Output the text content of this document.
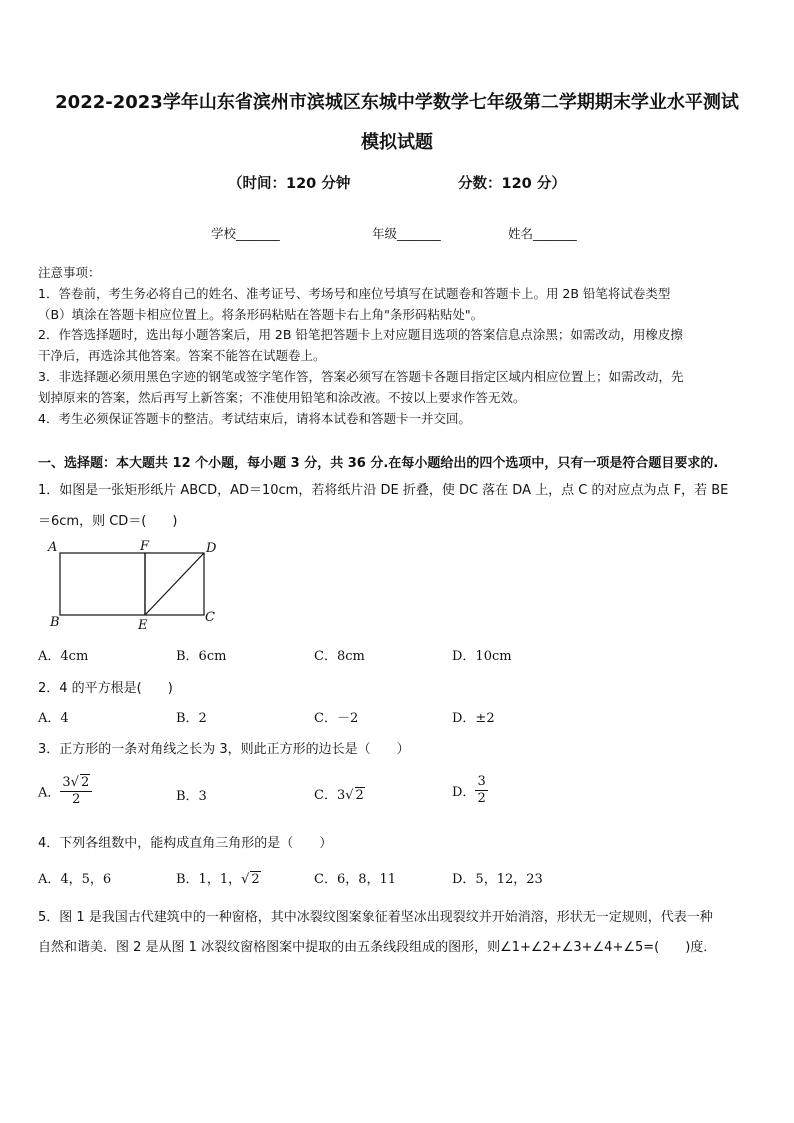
2022-2023学年山东省滨州市滨城区东城中学数学七年级第二学期期末学业水平测试
模拟试题
（时间：120 分钟	分数：120 分）
学校_______	年级_______	姓名_______
注意事项：
1．答卷前，考生务必将自己的姓名、准考证号、考场号和座位号填写在试题卷和答题卡上。用 2B 铅笔将试卷类型
（B）填涂在答题卡相应位置上。将条形码粘贴在答题卡右上角"条形码粘贴处"。
2．作答选择题时，选出每小题答案后，用 2B 铅笔把答题卡上对应题目选项的答案信息点涂黑；如需改动，用橡皮擦
干净后，再选涂其他答案。答案不能答在试题卷上。
3．非选择题必须用黑色字迹的钢笔或签字笔作答，答案必须写在答题卡各题目指定区域内相应位置上；如需改动，先
划掉原来的答案，然后再写上新答案；不准使用铅笔和涂改液。不按以上要求作答无效。
4．考生必须保证答题卡的整洁。考试结束后，请将本试卷和答题卡一并交回。
一、选择题：本大题共 12 个小题，每小题 3 分，共 36 分.在每小题给出的四个选项中，只有一项是符合题目要求的.
1．如图是一张矩形纸片 ABCD，AD＝10cm，若将纸片沿 DE 折叠，使 DC 落在 DA 上，点 C 的对应点为点 F，若 BE
＝6cm，则 CD＝(　　)
A	F	D
B	E
C
A．4cm	B．6cm	C．8cm	D．10cm
2．4 的平方根是(　　)
A．4	B．2	C．－2	D．±2
3．正方形的一条对角线之长为 3，则此正方形的边长是（　　）
A． $\frac{3√ 2}{2}$	B．3	C．3√ 2	D． $\frac{3}{2}$
4．下列各组数中，能构成直角三角形的是（　　）
A．4，5，6	B．1，1，√ 2	C．6，8，11	D．5，12，23
5．图 1 是我国古代建筑中的一种窗格，其中冰裂纹图案象征着坚冰出现裂纹并开始消溶，形状无一定规则，代表一种
自然和谐美．图 2 是从图 1 冰裂纹窗格图案中提取的由五条线段组成的图形，则∠1+∠2+∠3+∠4+∠5=(　　)度．
